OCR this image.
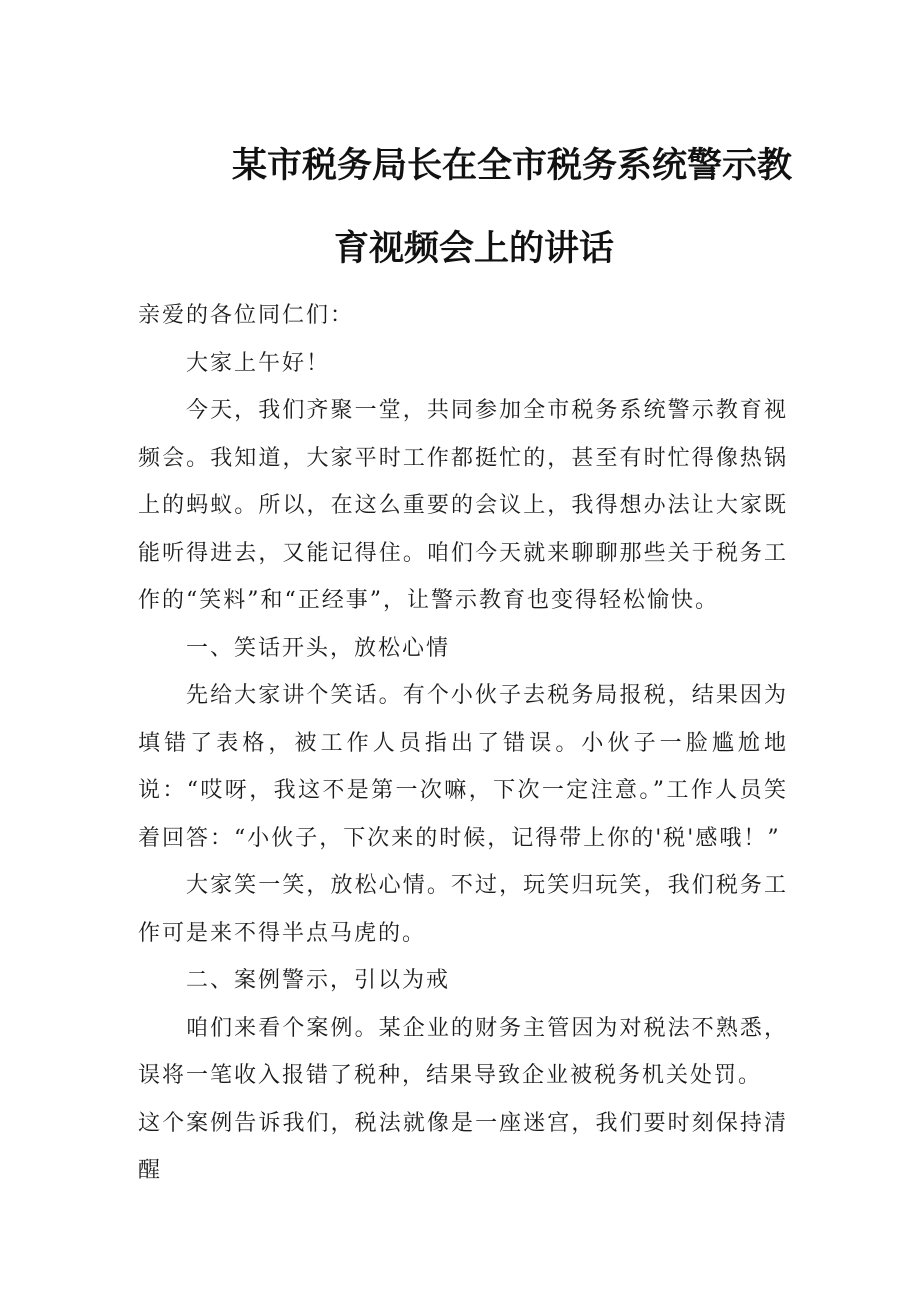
某市税务局长在全市税务系统警示教
育视频会上的讲话

亲爱的各位同仁们：

大家上午好！

今天，我们齐聚一堂，共同参加全市税务系统警示教育视频会。我知道，大家平时工作都挺忙的，甚至有时忙得像热锅上的蚂蚁。所以，在这么重要的会议上，我得想办法让大家既能听得进去，又能记得住。咱们今天就来聊聊那些关于税务工作的“笑料”和“正经事”，让警示教育也变得轻松愉快。

一、笑话开头，放松心情

先给大家讲个笑话。有个小伙子去税务局报税，结果因为填错了表格，被工作人员指出了错误。小伙子一脸尴尬地说：“哎呀，我这不是第一次嘛，下次一定注意。”工作人员笑着回答：“小伙子，下次来的时候，记得带上你的'税'感哦！”

大家笑一笑，放松心情。不过，玩笑归玩笑，我们税务工作可是来不得半点马虎的。

二、案例警示，引以为戒

咱们来看个案例。某企业的财务主管因为对税法不熟悉，误将一笔收入报错了税种，结果导致企业被税务机关处罚。

这个案例告诉我们，税法就像是一座迷宫，我们要时刻保持清醒
